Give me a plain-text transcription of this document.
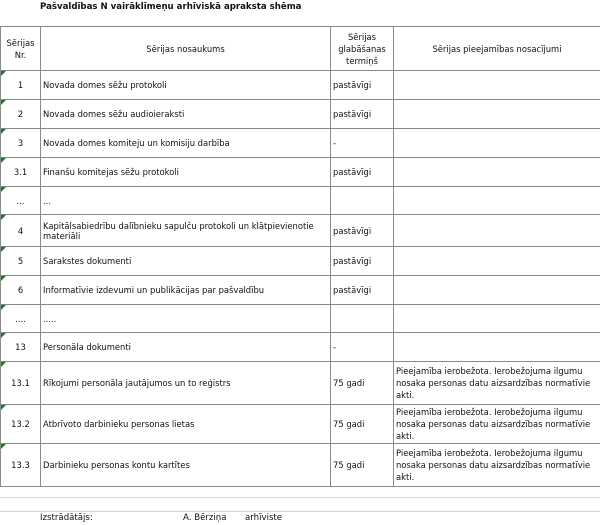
Pašvaldības N vairāklīmeņu arhīviskā apraksta shēma
Sērijas Nr.	Sērijas nosaukums	Sērijas glabāšanas termiņš	Sērijas pieejamības nosacījumi

1	Novada domes sēžu protokoli	pastāvīgi	

2	Novada domes sēžu audioieraksti	pastāvīgi	

3	Novada domes komiteju un komisiju darbība	-	

3.1	Finanšu komitejas sēžu protokoli	pastāvīgi	

...	...		

4	Kapitālsabiedrību dalībnieku sapulču protokoli un klātpievienotie materiāli	pastāvīgi	

5	Sarakstes dokumenti	pastāvīgi	

6	Informatīvie izdevumi un publikācijas par pašvaldību	pastāvīgi	

....	.....		

13	Personāla dokumenti	-	

13.1	Rīkojumi personāla jautājumos un to reģistrs	75 gadi	Pieejamība ierobežota. Ierobežojuma ilgumu nosaka personas datu aizsardzības normatīvie akti.

13.2	Atbrīvoto darbinieku personas lietas	75 gadi	Pieejamība ierobežota. Ierobežojuma ilgumu nosaka personas datu aizsardzības normatīvie akti.

13.3	Darbinieku personas kontu kartītes	75 gadi	Pieejamība ierobežota. Ierobežojuma ilgumu nosaka personas datu aizsardzības normatīvie akti.
Izstrādātājs:	A. Bērziņa arhīviste
